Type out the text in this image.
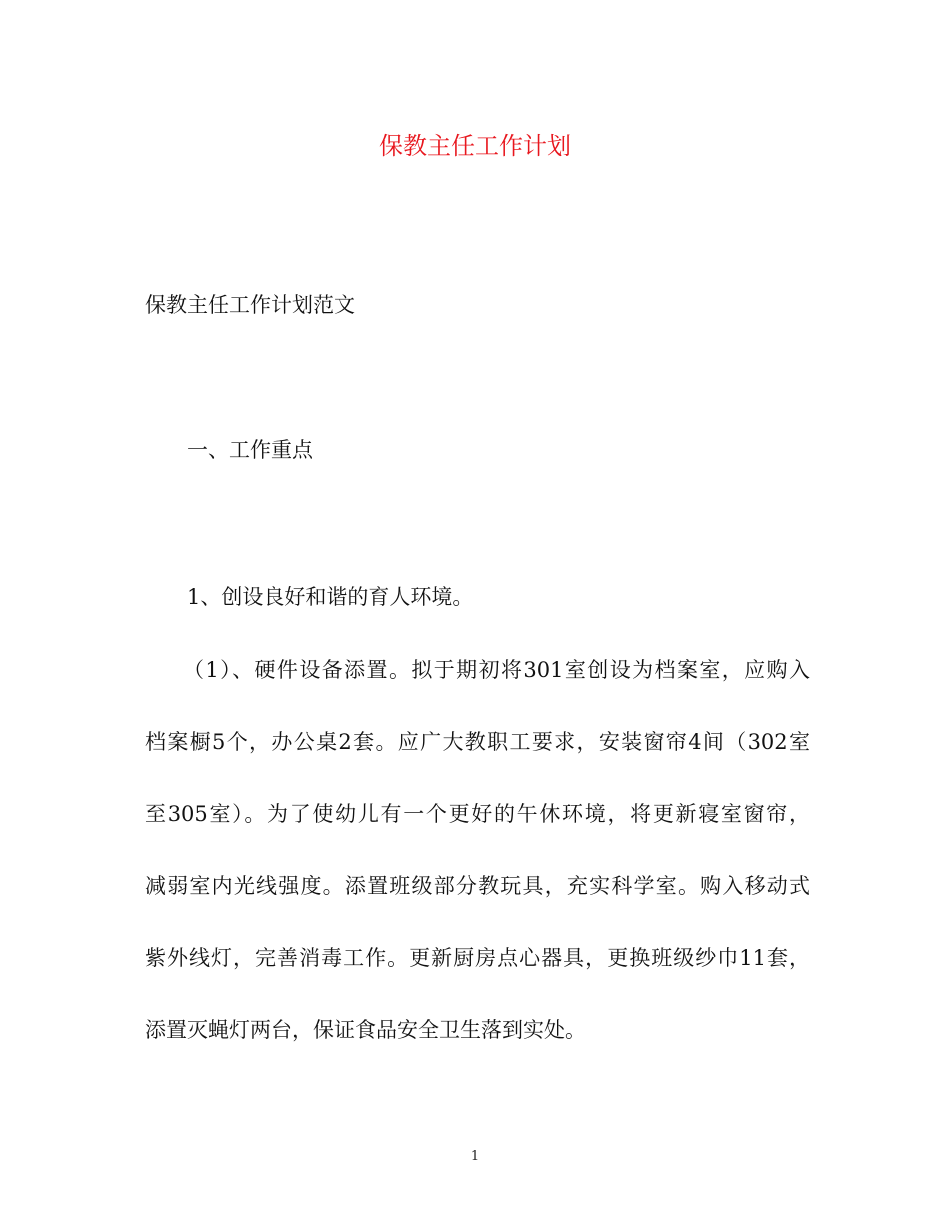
保教主任工作计划
保教主任工作计划范文
一、工作重点
1、创设良好和谐的育人环境。
（1）、硬件设备添置。拟于期初将301室创设为档案室，应购入
档案橱5个，办公桌2套。应广大教职工要求，安装窗帘4间（302室
至305室）。为了使幼儿有一个更好的午休环境，将更新寝室窗帘，
减弱室内光线强度。添置班级部分教玩具，充实科学室。购入移动式
紫外线灯，完善消毒工作。更新厨房点心器具，更换班级纱巾11套，
添置灭蝇灯两台，保证食品安全卫生落到实处。
1
